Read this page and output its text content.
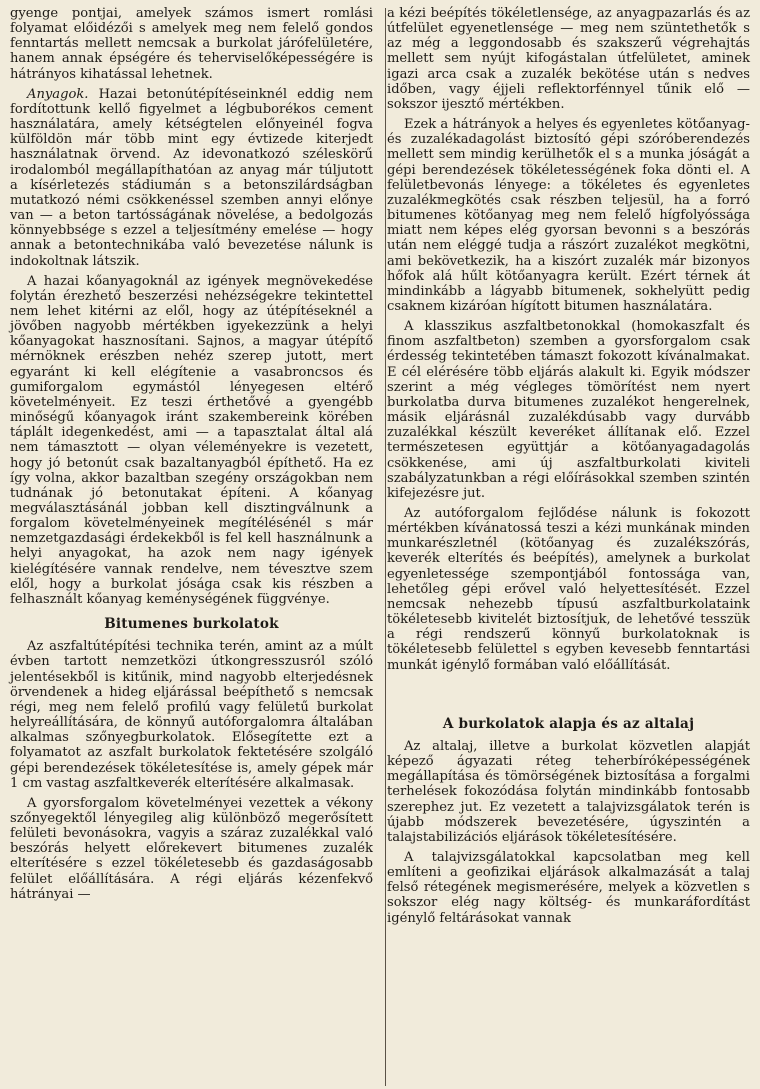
gyenge pontjai, amelyek számos ismert romlási folyamat előidézői s amelyek meg nem felelő gondos fenntartás mellett nemcsak a burkolat járófelületére, hanem annak épségére és teherviselőképességére is hátrányos kihatással lehetnek.

Anyagok. Hazai betonútépítéseinknél eddig nem fordítottunk kellő figyelmet a légbuborékos cement használatára, amely kétségtelen előnyeinél fogva külföldön már több mint egy évtizede kiterjedt használatnak örvend. Az idevonatkozó széleskörű irodalomból megállapíthatóan az anyag már túljutott a kísérletezés stádiumán s a betonszilárdságban mutatkozó némi csökkenéssel szemben annyi előnye van — a beton tartósságának növelése, a bedolgozás könnyebbsége s ezzel a teljesítmény emelése — hogy annak a betontechnikába való bevezetése nálunk is indokoltnak látszik.

A hazai kőanyagoknál az igények megnövekedése folytán érezhető beszerzési nehézségekre tekintettel nem lehet kitérni az elől, hogy az útépítéseknél a jövőben nagyobb mértékben igyekezzünk a helyi kőanyagokat hasznosítani. Sajnos, a magyar útépítő mérnöknek erészben nehéz szerep jutott, mert egyaránt ki kell elégítenie a vasabroncsos és gumiforgalom egymástól lényegesen eltérő követelményeit. Ez teszi érthetővé a gyengébb minőségű kőanyagok iránt szakembereink körében táplált idegenkedést, ami — a tapasztalat által alá nem támasztott — olyan véleményekre is vezetett, hogy jó betonút csak bazaltanyagból építhető. Ha ez így volna, akkor bazaltban szegény országokban nem tudnának jó betonutakat építeni. A kőanyag megválasztásánál jobban kell disztingválnunk a forgalom követelményeinek megítélésénél s már nemzetgazdasági érdekekből is fel kell használnunk a helyi anyagokat, ha azok nem nagy igények kielégítésére vannak rendelve, nem tévesztve szem elől, hogy a burkolat jósága csak kis részben a felhasznált kőanyag keménységének függvénye.

Bitumenes burkolatok

Az aszfaltútépítési technika terén, amint az a múlt évben tartott nemzetközi útkongresszusról szóló jelentésekből is kitűnik, mind nagyobb elterjedésnek örvendenek a hideg eljárással beépíthető s nemcsak régi, meg nem felelő profilú vagy felületű burkolat helyreállítására, de könnyű autóforgalomra általában alkalmas szőnyegburkolatok. Elősegítette ezt a folyamatot az aszfalt burkolatok fektetésére szolgáló gépi berendezések tökéletesítése is, amely gépek már 1 cm vastag aszfaltkeverék elterítésére alkalmasak.

A gyorsforgalom követelményei vezettek a vékony szőnyegektől lényegileg alig különböző megerősített felületi bevonásokra, vagyis a száraz zuzalékkal való beszórás helyett előrekevert bitumenes zuzalék elterítésére s ezzel tökéletesebb és gazdaságosabb felület előállítására. A régi eljárás kézenfekvő hátrányai —

a kézi beépítés tökéletlensége, az anyagpazarlás és az útfelület egyenetlensége — meg nem szüntethetők s az még a leggondosabb és szakszerű végrehajtás mellett sem nyújt kifogástalan útfelületet, aminek igazi arca csak a zuzalék bekötése után s nedves időben, vagy éjjeli reflektorfénnyel tűnik elő — sokszor ijesztő mértékben.

Ezek a hátrányok a helyes és egyenletes kötőanyag- és zuzalékadagolást biztosító gépi szóróberendezés mellett sem mindig kerülhetők el s a munka jóságát a gépi berendezések tökéletességének foka dönti el. A felületbevonás lényege: a tökéletes és egyenletes zuzalékmegkötés csak részben teljesül, ha a forró bitumenes kötőanyag meg nem felelő hígfolyóssága miatt nem képes elég gyorsan bevonni s a beszórás után nem eléggé tudja a rászórt zuzalékot megkötni, ami bekövetkezik, ha a kiszórt zuzalék már bizonyos hőfok alá hűlt kötőanyagra került. Ezért térnek át mindinkább a lágyabb bitumenek, sokhelyütt pedig csaknem kizáróan hígított bitumen használatára.

A klasszikus aszfaltbetonokkal (homokaszfalt és finom aszfaltbeton) szemben a gyorsforgalom csak érdesség tekintetében támaszt fokozott kívánalmakat. E cél elérésére több eljárás alakult ki. Egyik módszer szerint a még végleges tömörítést nem nyert burkolatba durva bitumenes zuzalékot hengerelnek, másik eljárásnál zuzalékdúsabb vagy durvább zuzalékkal készült keveréket állítanak elő. Ezzel természetesen együttjár a kötőanyagadagolás csökkenése, ami új aszfaltburkolati kiviteli szabályzatunkban a régi előírásokkal szemben szintén kifejezésre jut.

Az autóforgalom fejlődése nálunk is fokozott mértékben kívánatossá teszi a kézi munkának minden munkarészletnél (kötőanyag és zuzalékszórás, keverék elterítés és beépítés), amelynek a burkolat egyenletessége szempontjából fontossága van, lehetőleg gépi erővel való helyettesítését. Ezzel nemcsak nehezebb típusú aszfaltburkolataink tökéletesebb kivitelét biztosítjuk, de lehetővé tesszük a régi rendszerű könnyű burkolatoknak is tökéletesebb felülettel s egyben kevesebb fenntartási munkát igénylő formában való előállítását.

A burkolatok alapja és az altalaj

Az altalaj, illetve a burkolat közvetlen alapját képező ágyazati réteg teherbíróképességének megállapítása és tömörségének biztosítása a forgalmi terhelések fokozódása folytán mindinkább fontosabb szerephez jut. Ez vezetett a talajvizsgálatok terén is újabb módszerek bevezetésére, úgyszintén a talajstabilizációs eljárások tökéletesítésére.

A talajvizsgálatokkal kapcsolatban meg kell említeni a geofizikai eljárások alkalmazását a talaj felső rétegének megismerésére, melyek a közvetlen s sokszor elég nagy költség- és munkaráfordítást igénylő feltárásokat vannak
